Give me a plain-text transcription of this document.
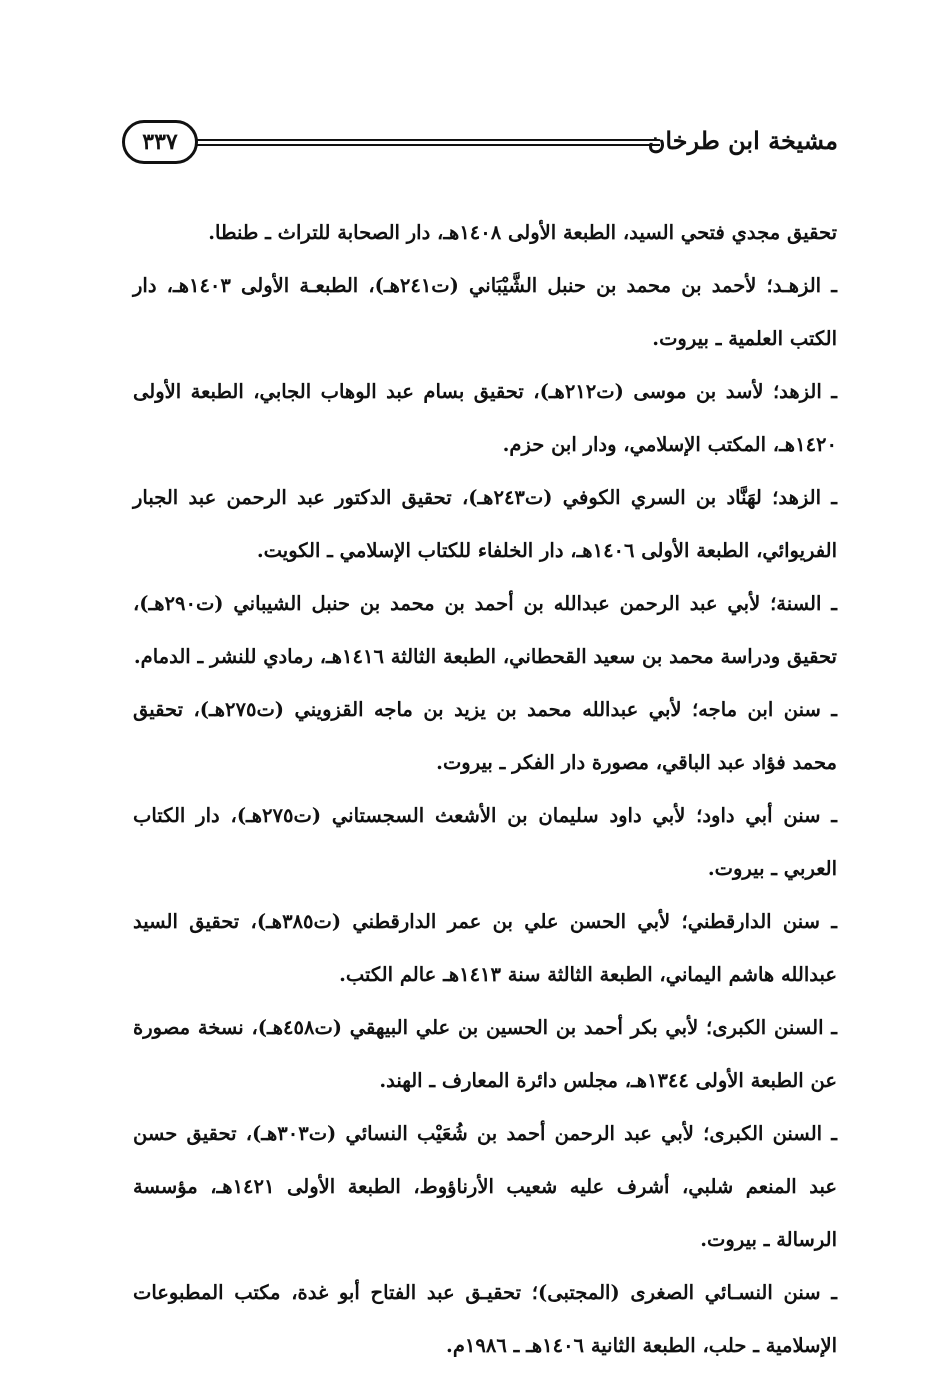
مشيخة ابن طرخان
٣٣٧

تحقيق مجدي فتحي السيد، الطبعة الأولى ١٤٠٨هـ، دار الصحابة للتراث ـ طنطا.

ـ الزهـد؛ لأحمد بن محمد بن حنبل الشَّيْبَاني (ت٢٤١هـ)، الطبعـة الأولى ١٤٠٣هـ، دار الكتب العلمية ـ بيروت.

ـ الزهد؛ لأسد بن موسى (ت٢١٢هـ)، تحقيق بسام عبد الوهاب الجابي، الطبعة الأولى ١٤٢٠هـ، المكتب الإسلامي، ودار ابن حزم.

ـ الزهد؛ لهَنَّاد بن السري الكوفي (ت٢٤٣هـ)، تحقيق الدكتور عبد الرحمن عبد الجبار الفريوائي، الطبعة الأولى ١٤٠٦هـ، دار الخلفاء للكتاب الإسلامي ـ الكويت.

ـ السنة؛ لأبي عبد الرحمن عبدالله بن أحمد بن محمد بن حنبل الشيباني (ت٢٩٠هـ)، تحقيق ودراسة محمد بن سعيد القحطاني، الطبعة الثالثة ١٤١٦هـ، رمادي للنشر ـ الدمام.

ـ سنن ابن ماجه؛ لأبي عبدالله محمد بن يزيد بن ماجه القزويني (ت٢٧٥هـ)، تحقيق محمد فؤاد عبد الباقي، مصورة دار الفكر ـ بيروت.

ـ سنن أبي داود؛ لأبي داود سليمان بن الأشعث السجستاني (ت٢٧٥هـ)، دار الكتاب العربي ـ بيروت.

ـ سنن الدارقطني؛ لأبي الحسن علي بن عمر الدارقطني (ت٣٨٥هـ)، تحقيق السيد عبدالله هاشم اليماني، الطبعة الثالثة سنة ١٤١٣هـ عالم الكتب.

ـ السنن الكبرى؛ لأبي بكر أحمد بن الحسين بن علي البيهقي (ت٤٥٨هـ)، نسخة مصورة عن الطبعة الأولى ١٣٤٤هـ، مجلس دائرة المعارف ـ الهند.

ـ السنن الكبرى؛ لأبي عبد الرحمن أحمد بن شُعَيْب النسائي (ت٣٠٣هـ)، تحقيق حسن عبد المنعم شلبي، أشرف عليه شعيب الأرناؤوط، الطبعة الأولى ١٤٢١هـ، مؤسسة الرسالة ـ بيروت.

ـ سنن النسـائي الصغرى (المجتبى)؛ تحقيـق عبد الفتاح أبو غدة، مكتب المطبوعات الإسلامية ـ حلب، الطبعة الثانية ١٤٠٦هـ ـ ١٩٨٦م.
